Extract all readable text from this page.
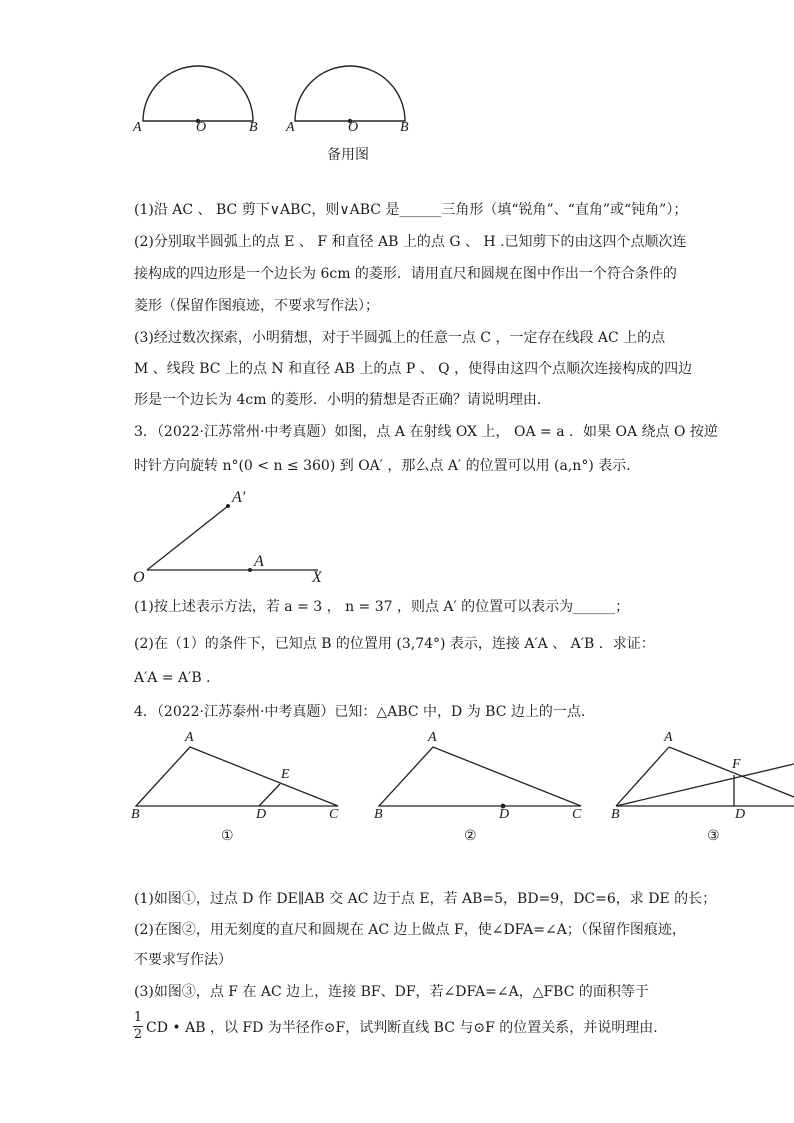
A	O	B A	O	B
备用图
(1)沿 AC 、 BC 剪下∨ABC，则∨ABC 是______三角形（填“锐角”、“直角”或“钝角”）；
(2)分别取半圆弧上的点 E 、 F 和直径 AB 上的点 G 、 H .已知剪下的由这四个点顺次连
接构成的四边形是一个边长为 6cm 的菱形．请用直尺和圆规在图中作出一个符合条件的
菱形（保留作图痕迹，不要求写作法）；
(3)经过数次探索，小明猜想，对于半圆弧上的任意一点 C ，一定存在线段 AC 上的点
M 、线段 BC 上的点 N 和直径 AB 上的点 P 、 Q ，使得由这四个点顺次连接构成的四边
形是一个边长为 4cm 的菱形．小明的猜想是否正确？请说明理由．
3．（2022·江苏常州·中考真题）如图，点 A 在射线 OX 上， OA = a ．如果 OA 绕点 O 按逆
时针方向旋转 n°(0 < n ≤ 360) 到 OA′ ，那么点 A′ 的位置可以用 (a,n°) 表示．
A′
A
O	X
(1)按上述表示方法，若 a = 3 ， n = 37 ，则点 A′ 的位置可以表示为______；
(2)在（1）的条件下，已知点 B 的位置用 (3,74°) 表示，连接 A′A 、 A′B ．求证：
A′A = A′B .
4．（2022·江苏泰州·中考真题）已知：△ABC 中，D 为 BC 边上的一点.
A
E
B	D	C
①
A
B	D	C
②
A
F
B	D
③
(1)如图①，过点 D 作 DE∥AB 交 AC 边于点 E，若 AB=5，BD=9，DC=6，求 DE 的长；
(2)在图②，用无刻度的直尺和圆规在 AC 边上做点 F，使∠DFA=∠A；（保留作图痕迹，
不要求写作法）
(3)如图③，点 F 在 AC 边上，连接 BF、DF，若∠DFA=∠A，△FBC 的面积等于
1
2 CD • AB ，以 FD 为半径作⊙F，试判断直线 BC 与⊙F 的位置关系，并说明理由.
